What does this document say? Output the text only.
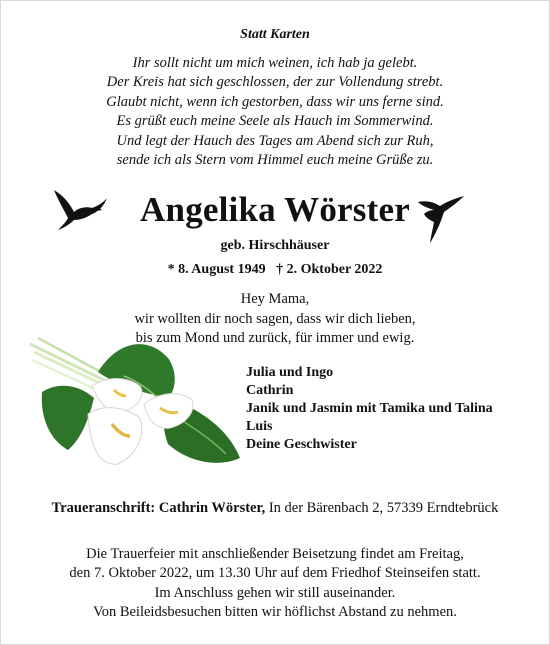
Statt Karten
Ihr sollt nicht um mich weinen, ich hab ja gelebt.
Der Kreis hat sich geschlossen, der zur Vollendung strebt.
Glaubt nicht, wenn ich gestorben, dass wir uns ferne sind.
Es grüßt euch meine Seele als Hauch im Sommerwind.
Und legt der Hauch des Tages am Abend sich zur Ruh,
sende ich als Stern vom Himmel euch meine Grüße zu.
Angelika Wörster
geb. Hirschhäuser
* 8. August 1949 † 2. Oktober 2022
Hey Mama,
wir wollten dir noch sagen, dass wir dich lieben,
bis zum Mond und zurück, für immer und ewig.
Julia und Ingo
Cathrin
Janik und Jasmin mit Tamika und Talina
Luis
Deine Geschwister
Traueranschrift: Cathrin Wörster, In der Bärenbach 2, 57339 Erndtebrück
Die Trauerfeier mit anschließender Beisetzung findet am Freitag,
den 7. Oktober 2022, um 13.30 Uhr auf dem Friedhof Steinseifen statt.
Im Anschluss gehen wir still auseinander.
Von Beileidsbesuchen bitten wir höflichst Abstand zu nehmen.
